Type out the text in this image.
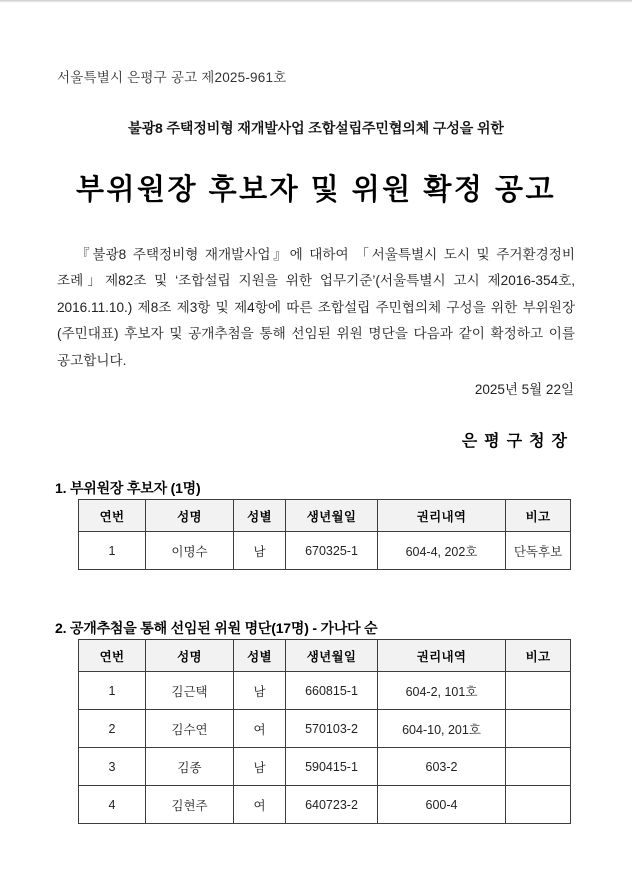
서울특별시 은평구 공고 제2025-961호
불광8 주택정비형 재개발사업 조합설립주민협의체 구성을 위한
부위원장 후보자 및 위원 확정 공고

『불광8 주택정비형 재개발사업』에 대하여 「서울특별시 도시 및 주거환경정비 조례」제82조 및 ‘조합설립 지원을 위한 업무기준’(서울특별시 고시 제2016-354호, 2016.11.10.) 제8조 제3항 및 제4항에 따른 조합설립 주민협의체 구성을 위한 부위원장(주민대표) 후보자 및 공개추첨을 통해 선임된 위원 명단을 다음과 같이 확정하고 이를 공고합니다.

2025년 5월 22일
은평구청장
1. 부위원장 후보자 (1명)
연번	성명	성별	생년월일	권리내역	비고
1	이명수	남	670325-1	604-4, 202호	단독후보
2. 공개추첨을 통해 선임된 위원 명단(17명) - 가나다 순
연번	성명	성별	생년월일	권리내역	비고
1	김근택	남	660815-1	604-2, 101호	
2	김수연	여	570103-2	604-10, 201호	
3	김종	남	590415-1	603-2	
4	김현주	여	640723-2	600-4	
